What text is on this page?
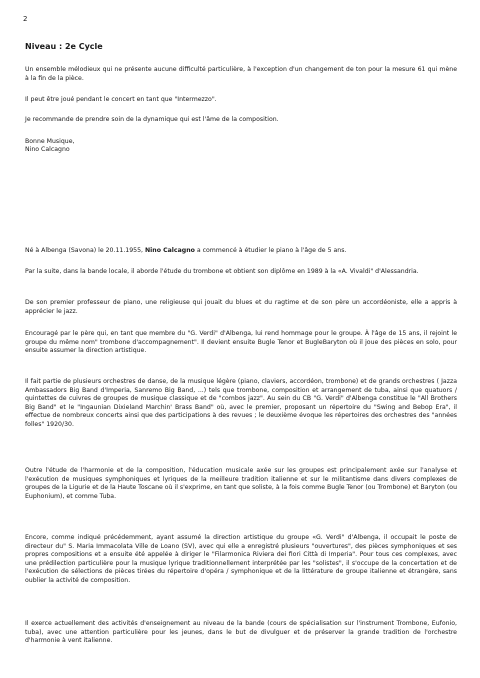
2
Niveau : 2e Cycle

Un ensemble mélodieux qui ne présente aucune difficulté particulière, à l'exception d'un changement de ton pour la mesure 61 qui mène à la fin de la pièce.

Il peut être joué pendant le concert en tant que "Intermezzo".

Je recommande de prendre soin de la dynamique qui est l'âme de la composition.

Bonne Musique,

Nino Calcagno

Né à Albenga (Savona) le 20.11.1955, Nino Calcagno a commencé à étudier le piano à l'âge de 5 ans.

Par la suite, dans la bande locale, il aborde l'étude du trombone et obtient son diplôme en 1989 à la «A. Vivaldi" d'Alessandria.

De son premier professeur de piano, une religieuse qui jouait du blues et du ragtime et de son père un accordéoniste, elle a appris à apprécier le jazz.

Encouragé par le père qui, en tant que membre du "G. Verdi" d'Albenga, lui rend hommage pour le groupe. À l'âge de 15 ans, il rejoint le groupe du même nom" trombone d'accompagnement". Il devient ensuite Bugle Tenor et BugleBaryton où il joue des pièces en solo, pour ensuite assumer la direction artistique.

Il fait partie de plusieurs orchestres de danse, de la musique légère (piano, claviers, accordéon, trombone) et de grands orchestres ( Jazza Ambassadors Big Band d'Imperia, Sanremo Big Band, ...) tels que trombone, composition et arrangement de tuba, ainsi que quatuors / quintettes de cuivres de groupes de musique classique et de "combos jazz". Au sein du CB "G. Verdi" d'Albenga constitue le "All Brothers Big Band" et le "Ingaunian Dixieland Marchin' Brass Band" où, avec le premier, proposant un répertoire du "Swing and Bebop Era", il effectue de nombreux concerts ainsi que des participations à des revues ; le deuxième évoque les répertoires des orchestres des "années folles" 1920/30.

Outre l'étude de l'harmonie et de la composition, l'éducation musicale axée sur les groupes est principalement axée sur l'analyse et l'exécution de musiques symphoniques et lyriques de la meilleure tradition italienne et sur le militantisme dans divers complexes de groupes de la Ligurie et de la Haute Toscane où il s'exprime, en tant que soliste, à la fois comme Bugle Tenor (ou Trombone) et Baryton (ou Euphonium), et comme Tuba.

Encore, comme indiqué précédemment, ayant assumé la direction artistique du groupe «G. Verdi" d'Albenga, il occupait le poste de directeur du" S. Maria Immacolata Ville de Loano (SV), avec qui elle a enregistré plusieurs "ouvertures", des pièces symphoniques et ses propres compositions et a ensuite été appelée à diriger le "Filarmonica Riviera dei fiori Città di Imperia". Pour tous ces complexes, avec une prédilection particulière pour la musique lyrique traditionnellement interprétée par les "solistes", il s'occupe de la concertation et de l'exécution de sélections de pièces tirées du répertoire d'opéra / symphonique et de la littérature de groupe italienne et étrangère, sans oublier la activité de composition.

Il exerce actuellement des activités d'enseignement au niveau de la bande (cours de spécialisation sur l'instrument Trombone, Eufonio, tuba), avec une attention particulière pour les jeunes, dans le but de divulguer et de préserver la grande tradition de l'orchestre d'harmonie à vent italienne.
